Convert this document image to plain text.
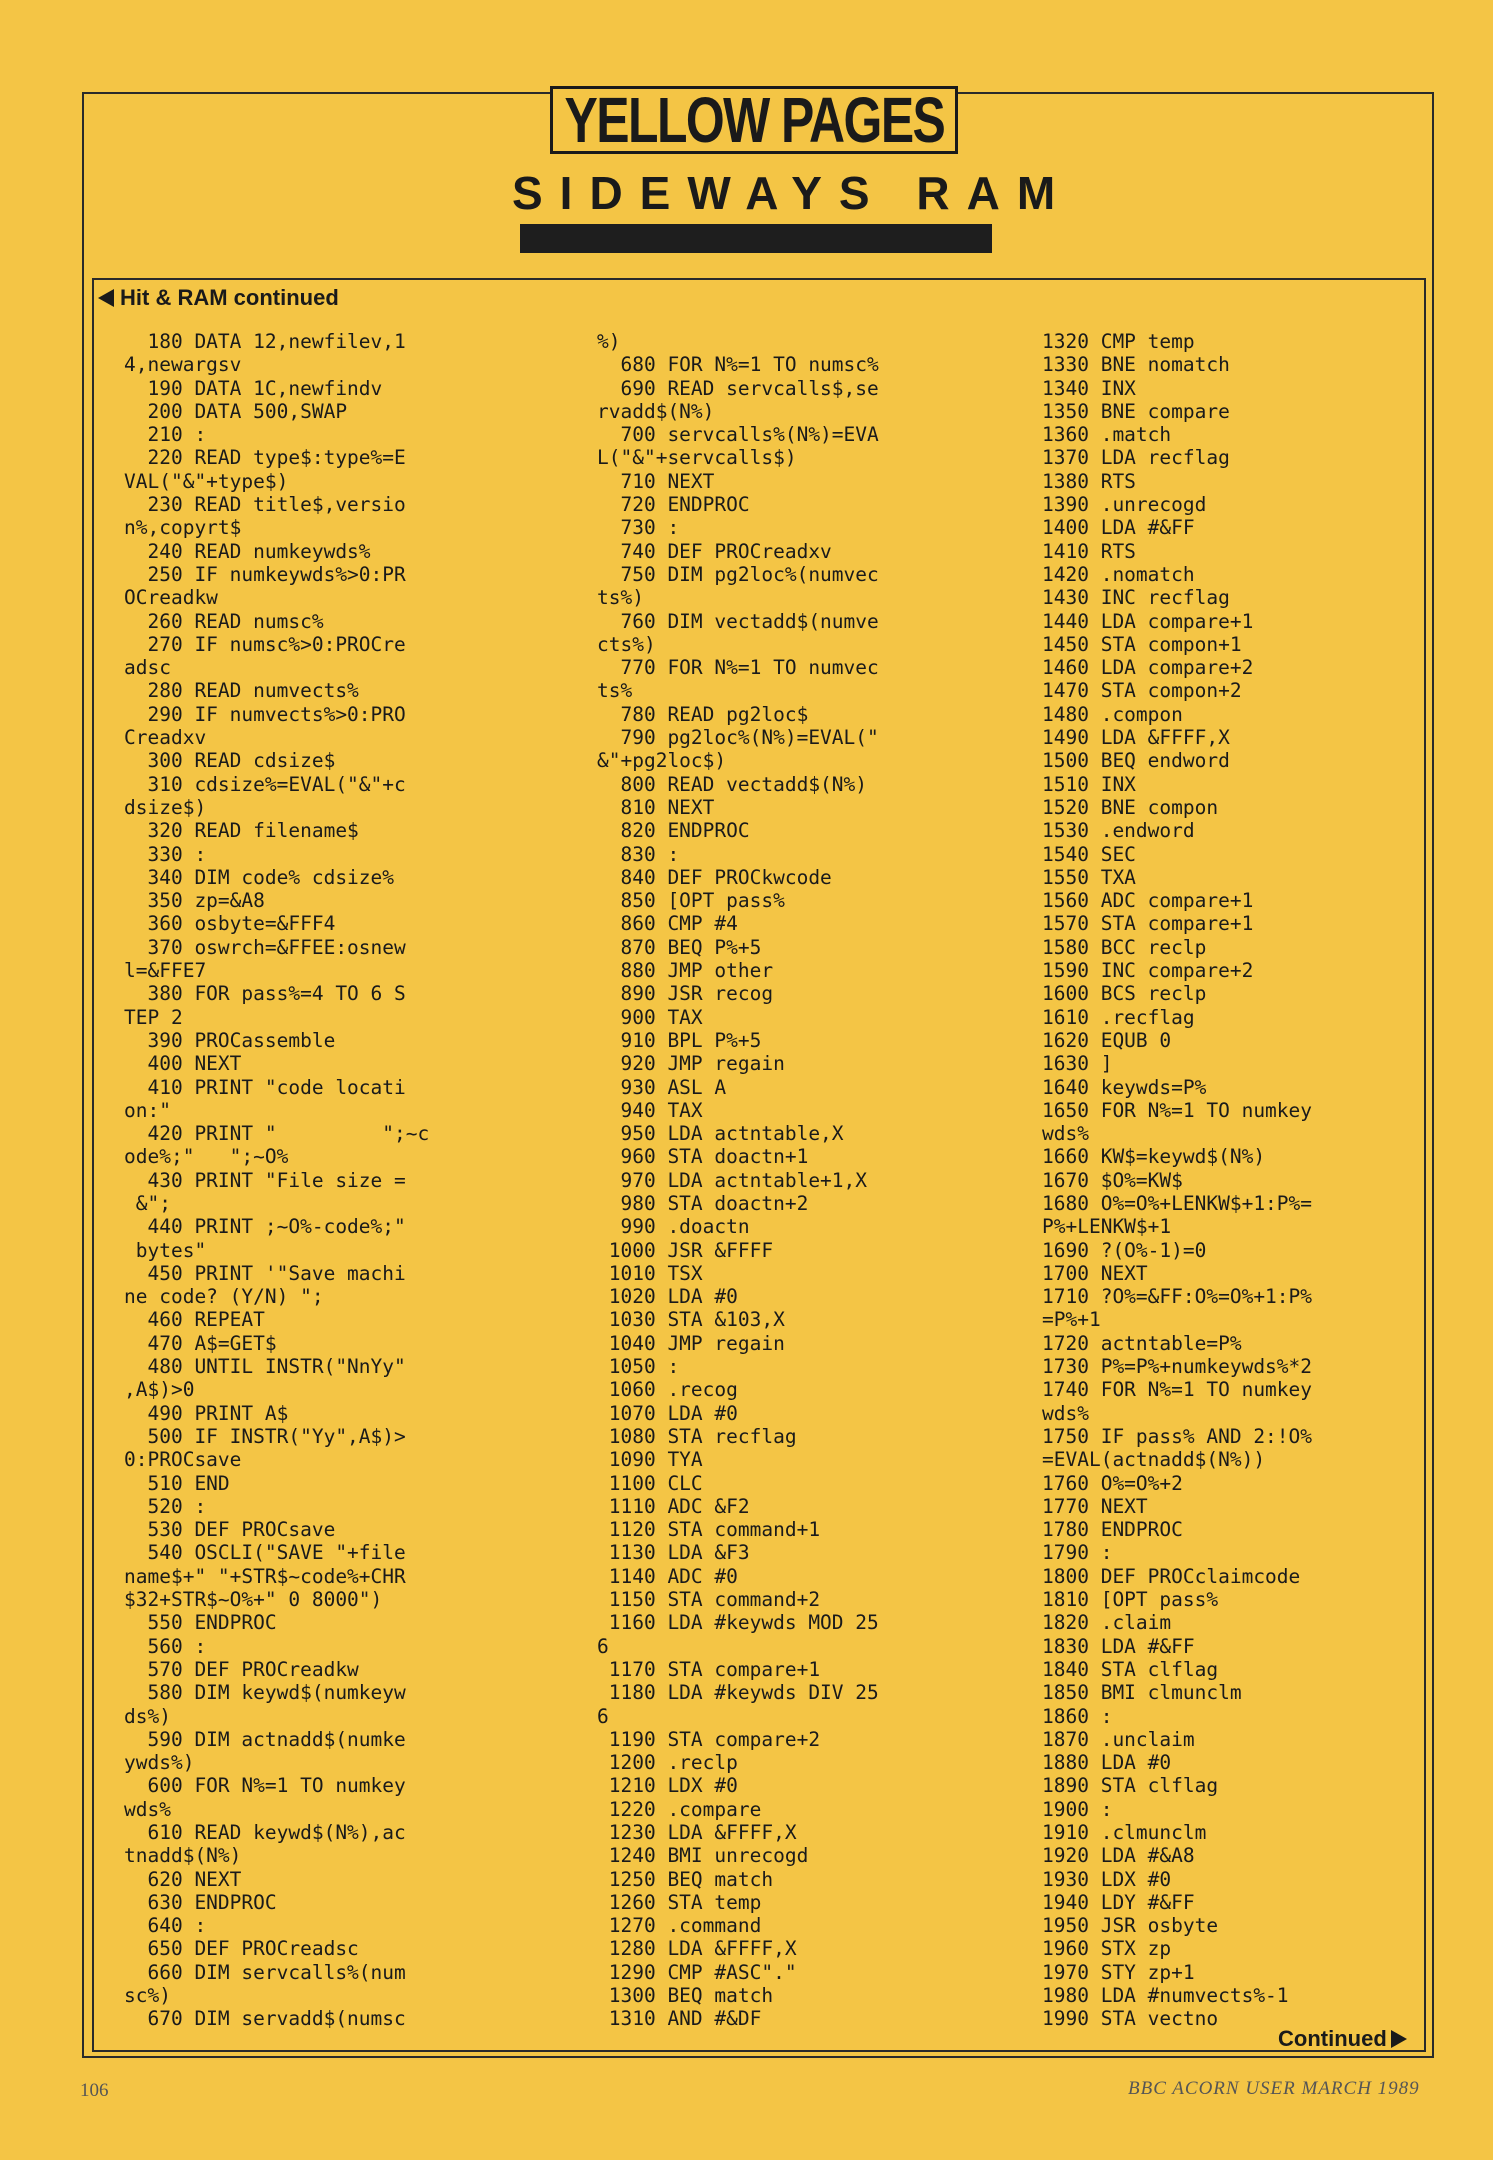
YELLOW PAGES
SIDEWAYS RAM
Hit & RAM continued
180 DATA 12,newfilev,1
4,newargsv
190 DATA 1C,newfindv
200 DATA 500,SWAP
210 :
220 READ type$:type%=E
VAL("&"+type$)
230 READ title$,versio
n%,copyrt$
240 READ numkeywds%
250 IF numkeywds%>0:PR
OCreadkw
260 READ numsc%
270 IF numsc%>0:PROCre
adsc
280 READ numvects%
290 IF numvects%>0:PRO
Creadxv
300 READ cdsize$
310 cdsize%=EVAL("&"+c
dsize$)
320 READ filename$
330 :
340 DIM code% cdsize%
350 zp=&A8
360 osbyte=&FFF4
370 oswrch=&FFEE:osnew
l=&FFE7
380 FOR pass%=4 TO 6 S
TEP 2
390 PROCassemble
400 NEXT
410 PRINT "code locati
on:"
420 PRINT "         ";~c
ode%;"   ";~O%
430 PRINT "File size =
&";
440 PRINT ;~O%-code%;"
bytes"
450 PRINT '"Save machi
ne code? (Y/N) ";
460 REPEAT
470 A$=GET$
480 UNTIL INSTR("NnYy"
,A$)>0
490 PRINT A$
500 IF INSTR("Yy",A$)>
0:PROCsave
510 END
520 :
530 DEF PROCsave
540 OSCLI("SAVE "+file
name$+" "+STR$~code%+CHR
$32+STR$~O%+" 0 8000")
550 ENDPROC
560 :
570 DEF PROCreadkw
580 DIM keywd$(numkeyw
ds%)
590 DIM actnadd$(numke
ywds%)
600 FOR N%=1 TO numkey
wds%
610 READ keywd$(N%),ac
tnadd$(N%)
620 NEXT
630 ENDPROC
640 :
650 DEF PROCreadsc
660 DIM servcalls%(num
sc%)
670 DIM servadd$(numsc
%)
680 FOR N%=1 TO numsc%
690 READ servcalls$,se
rvadd$(N%)
700 servcalls%(N%)=EVA
L("&"+servcalls$)
710 NEXT
720 ENDPROC
730 :
740 DEF PROCreadxv
750 DIM pg2loc%(numvec
ts%)
760 DIM vectadd$(numve
cts%)
770 FOR N%=1 TO numvec
ts%
780 READ pg2loc$
790 pg2loc%(N%)=EVAL("
&"+pg2loc$)
800 READ vectadd$(N%)
810 NEXT
820 ENDPROC
830 :
840 DEF PROCkwcode
850 [OPT pass%
860 CMP #4
870 BEQ P%+5
880 JMP other
890 JSR recog
900 TAX
910 BPL P%+5
920 JMP regain
930 ASL A
940 TAX
950 LDA actntable,X
960 STA doactn+1
970 LDA actntable+1,X
980 STA doactn+2
990 .doactn
1000 JSR &FFFF
1010 TSX
1020 LDA #0
1030 STA &103,X
1040 JMP regain
1050 :
1060 .recog
1070 LDA #0
1080 STA recflag
1090 TYA
1100 CLC
1110 ADC &F2
1120 STA command+1
1130 LDA &F3
1140 ADC #0
1150 STA command+2
1160 LDA #keywds MOD 25
6
1170 STA compare+1
1180 LDA #keywds DIV 25
6
1190 STA compare+2
1200 .reclp
1210 LDX #0
1220 .compare
1230 LDA &FFFF,X
1240 BMI unrecogd
1250 BEQ match
1260 STA temp
1270 .command
1280 LDA &FFFF,X
1290 CMP #ASC"."
1300 BEQ match
1310 AND #&DF
1320 CMP temp
1330 BNE nomatch
1340 INX
1350 BNE compare
1360 .match
1370 LDA recflag
1380 RTS
1390 .unrecogd
1400 LDA #&FF
1410 RTS
1420 .nomatch
1430 INC recflag
1440 LDA compare+1
1450 STA compon+1
1460 LDA compare+2
1470 STA compon+2
1480 .compon
1490 LDA &FFFF,X
1500 BEQ endword
1510 INX
1520 BNE compon
1530 .endword
1540 SEC
1550 TXA
1560 ADC compare+1
1570 STA compare+1
1580 BCC reclp
1590 INC compare+2
1600 BCS reclp
1610 .recflag
1620 EQUB 0
1630 ]
1640 keywds=P%
1650 FOR N%=1 TO numkey
wds%
1660 KW$=keywd$(N%)
1670 $O%=KW$
1680 O%=O%+LENKW$+1:P%=
P%+LENKW$+1
1690 ?(O%-1)=0
1700 NEXT
1710 ?O%=&FF:O%=O%+1:P%
=P%+1
1720 actntable=P%
1730 P%=P%+numkeywds%*2
1740 FOR N%=1 TO numkey
wds%
1750 IF pass% AND 2:!O%
=EVAL(actnadd$(N%))
1760 O%=O%+2
1770 NEXT
1780 ENDPROC
1790 :
1800 DEF PROCclaimcode
1810 [OPT pass%
1820 .claim
1830 LDA #&FF
1840 STA clflag
1850 BMI clmunclm
1860 :
1870 .unclaim
1880 LDA #0
1890 STA clflag
1900 :
1910 .clmunclm
1920 LDA #&A8
1930 LDX #0
1940 LDY #&FF
1950 JSR osbyte
1960 STX zp
1970 STY zp+1
1980 LDA #numvects%-1
1990 STA vectno
Continued
106	BBC ACORN USER MARCH 1989
